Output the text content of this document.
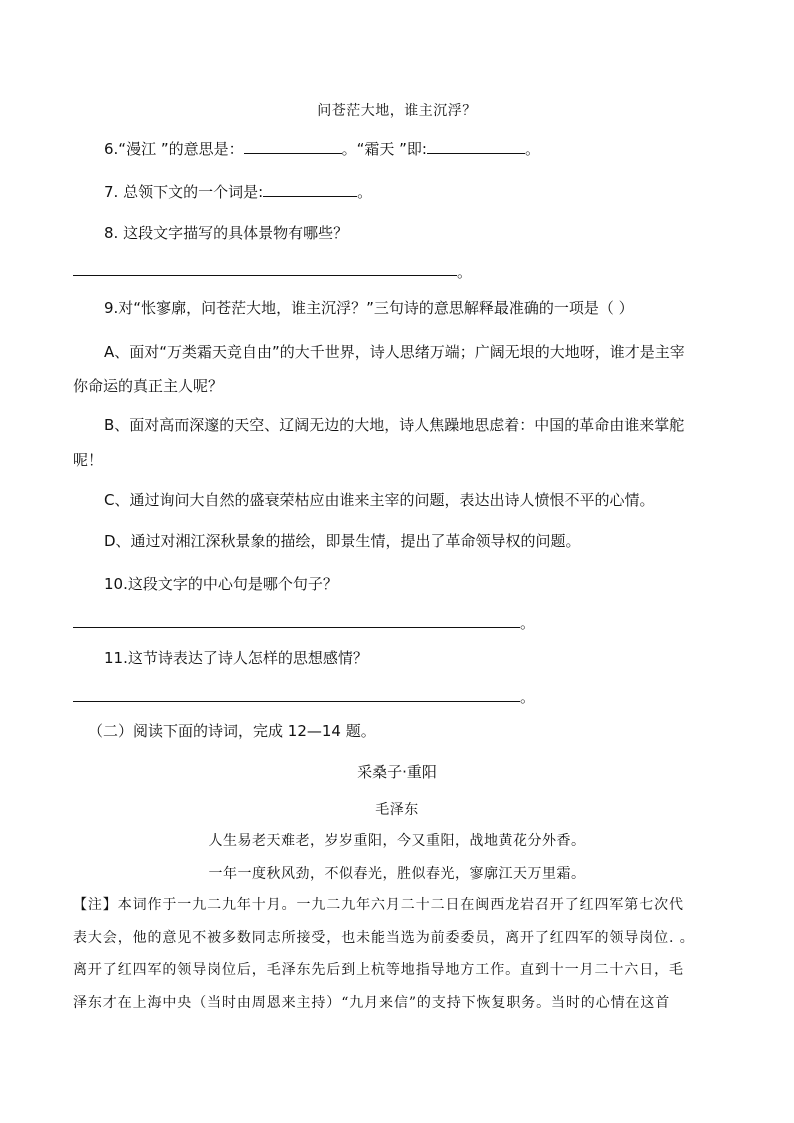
问苍茫大地，谁主沉浮？
6.“漫江 ”的意思是：	。“霜天 ”即:	。
7. 总领下文的一个词是:	。
8. 这段文字描写的具体景物有哪些？
。
9.对“怅寥廓，问苍茫大地，谁主沉浮？”三句诗的意思解释最准确的一项是（ ）
A、面对“万类霜天竞自由”的大千世界，诗人思绪万端；广阔无垠的大地呀，谁才是主宰
你命运的真正主人呢？
B、面对高而深邃的天空、辽阔无边的大地，诗人焦躁地思虑着：中国的革命由谁来掌舵
呢！
C、通过询问大自然的盛衰荣枯应由谁来主宰的问题，表达出诗人愤恨不平的心情。
D、通过对湘江深秋景象的描绘，即景生情，提出了革命领导权的问题。
10.这段文字的中心句是哪个句子？
。
11.这节诗表达了诗人怎样的思想感情？
。
（二）阅读下面的诗词，完成 12—14 题。
采桑子·重阳
毛泽东
人生易老天难老，岁岁重阳，今又重阳，战地黄花分外香。
一年一度秋风劲，不似春光，胜似春光，寥廓江天万里霜。
【注】本词作于一九二九年十月。一九二九年六月二十二日在闽西龙岩召开了红四军第七次代
表大会，他的意见不被多数同志所接受，也未能当选为前委委员，离开了红四军的领导岗位. 。
离开了红四军的领导岗位后，毛泽东先后到上杭等地指导地方工作。直到十一月二十六日，毛
泽东才在上海中央（当时由周恩来主持）“九月来信”的支持下恢复职务。当时的心情在这首
